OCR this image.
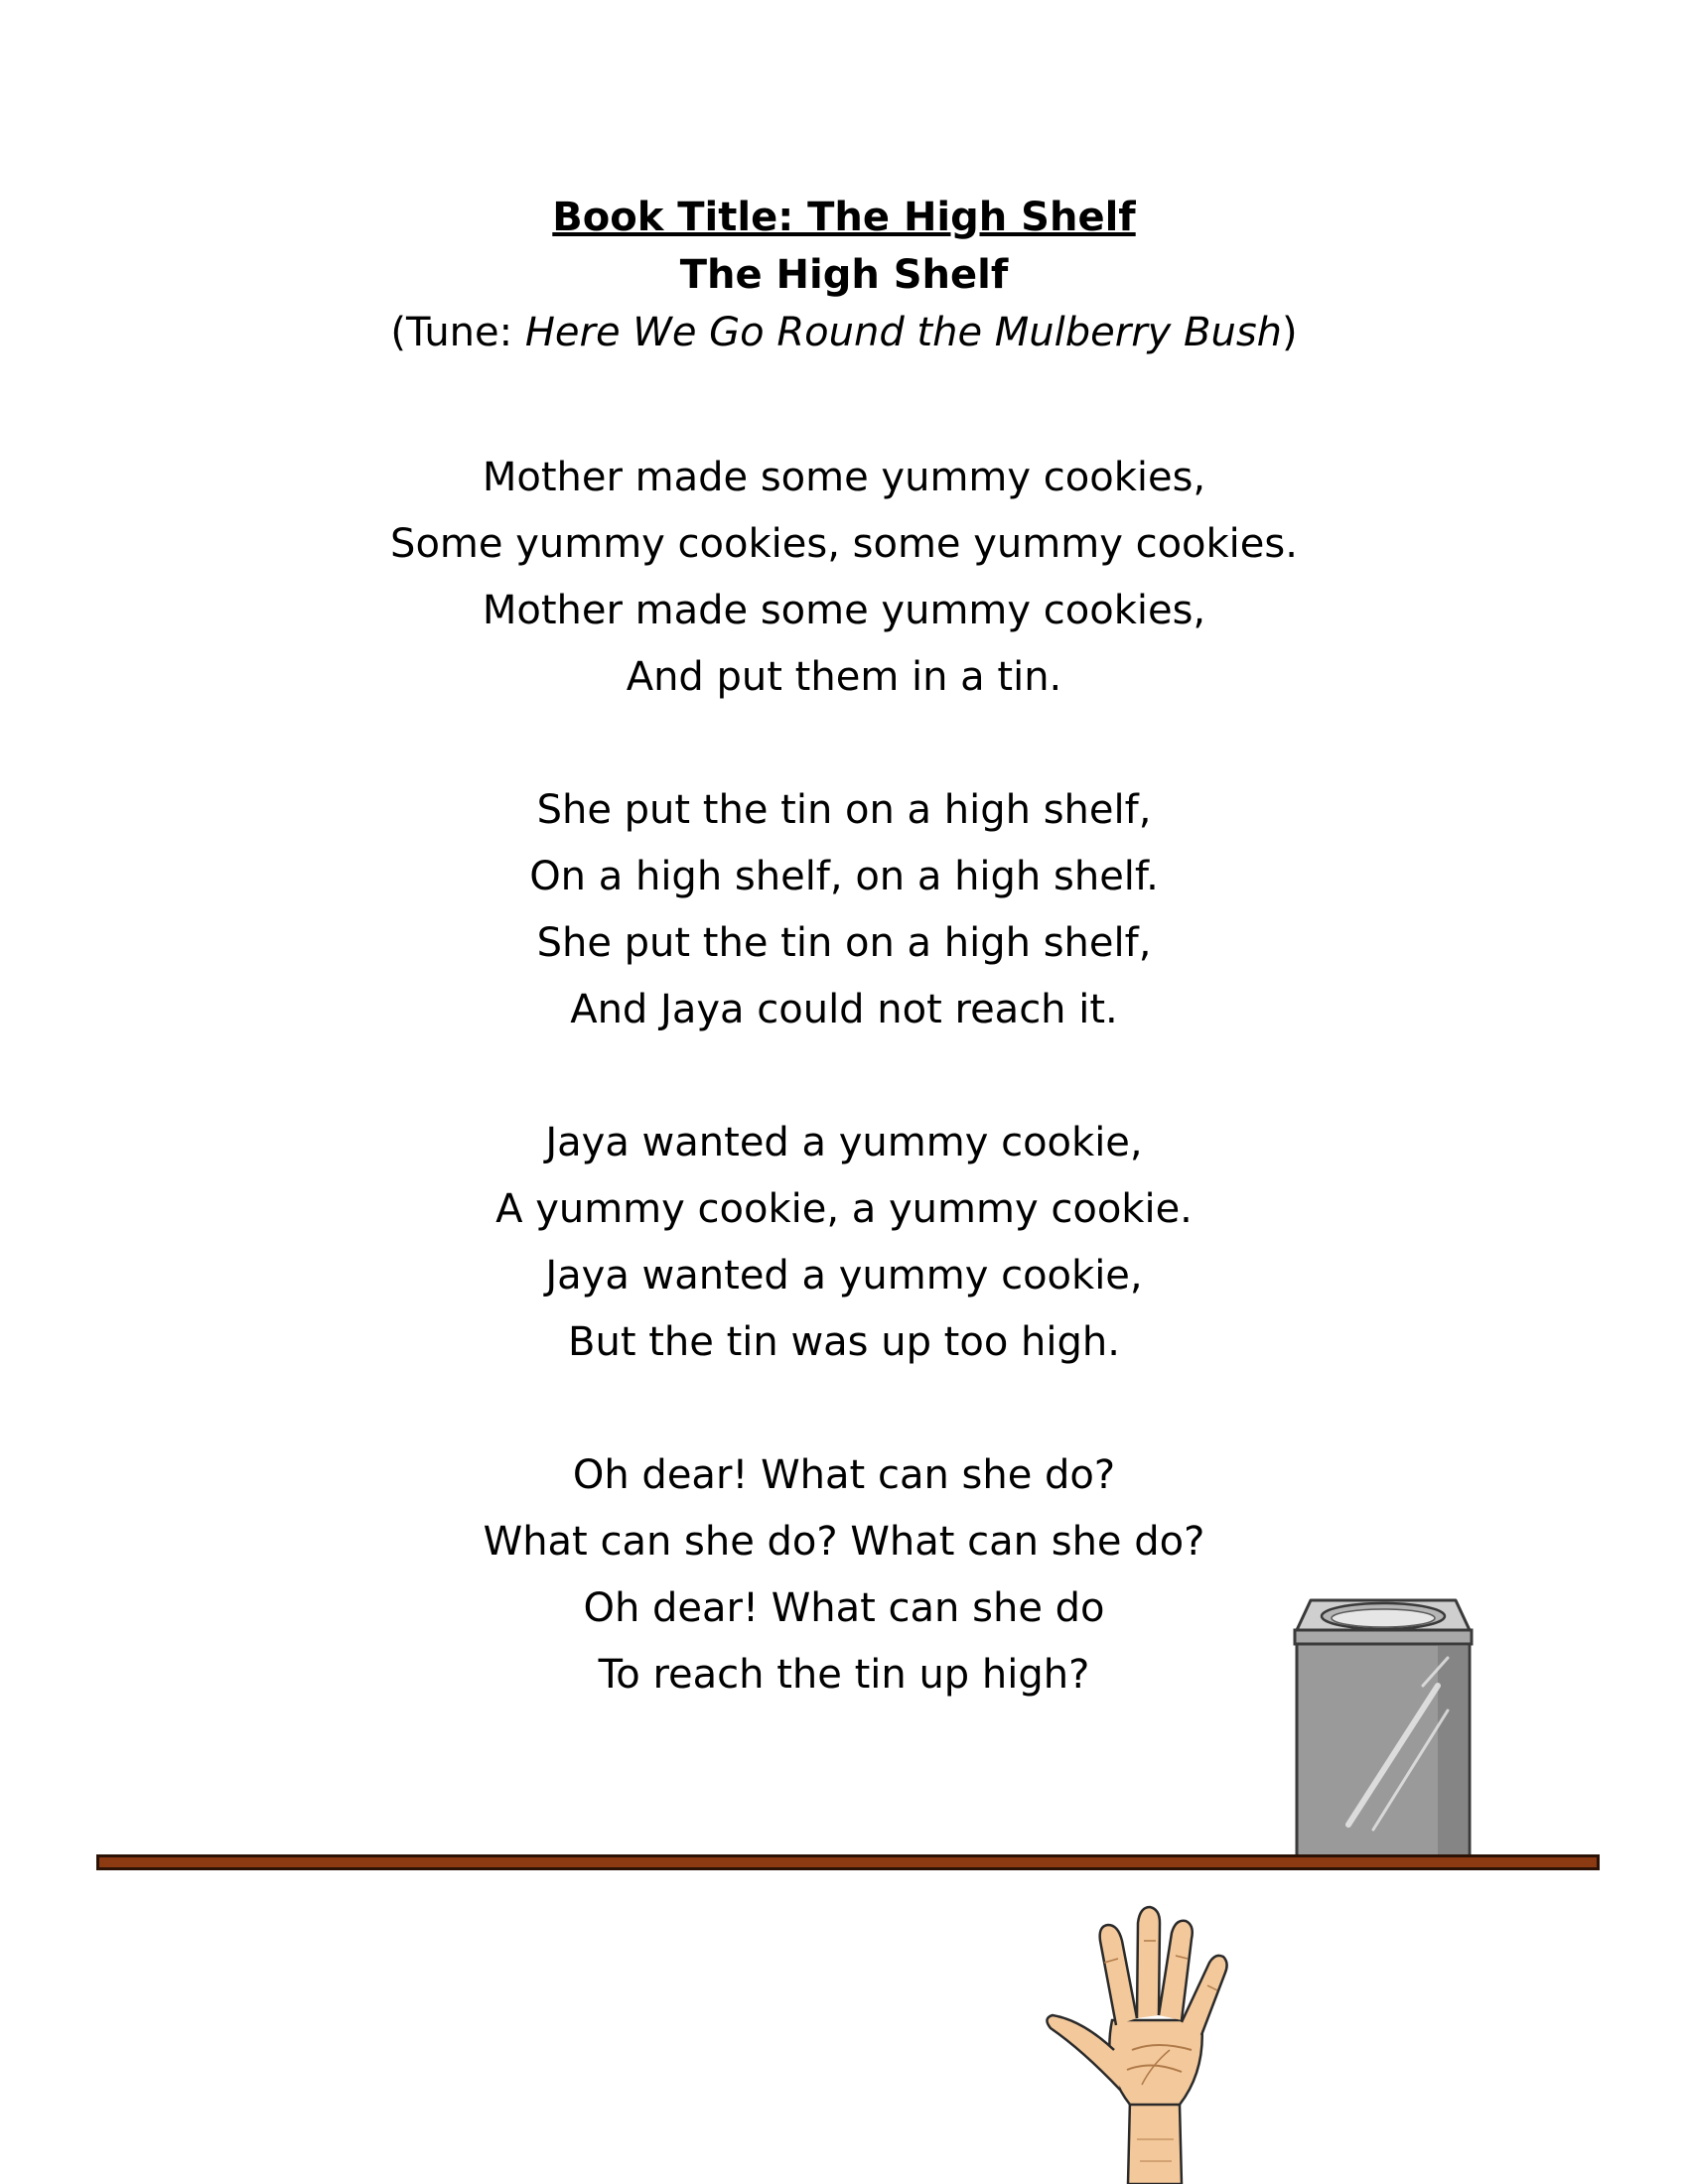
Book Title: The High Shelf
The High Shelf
(Tune: Here We Go Round the Mulberry Bush)
Mother made some yummy cookies,
Some yummy cookies, some yummy cookies.
Mother made some yummy cookies,
And put them in a tin.
She put the tin on a high shelf,
On a high shelf, on a high shelf.
She put the tin on a high shelf,
And Jaya could not reach it.
Jaya wanted a yummy cookie,
A yummy cookie, a yummy cookie.
Jaya wanted a yummy cookie,
But the tin was up too high.
Oh dear! What can she do?
What can she do? What can she do?
Oh dear! What can she do
To reach the tin up high?
